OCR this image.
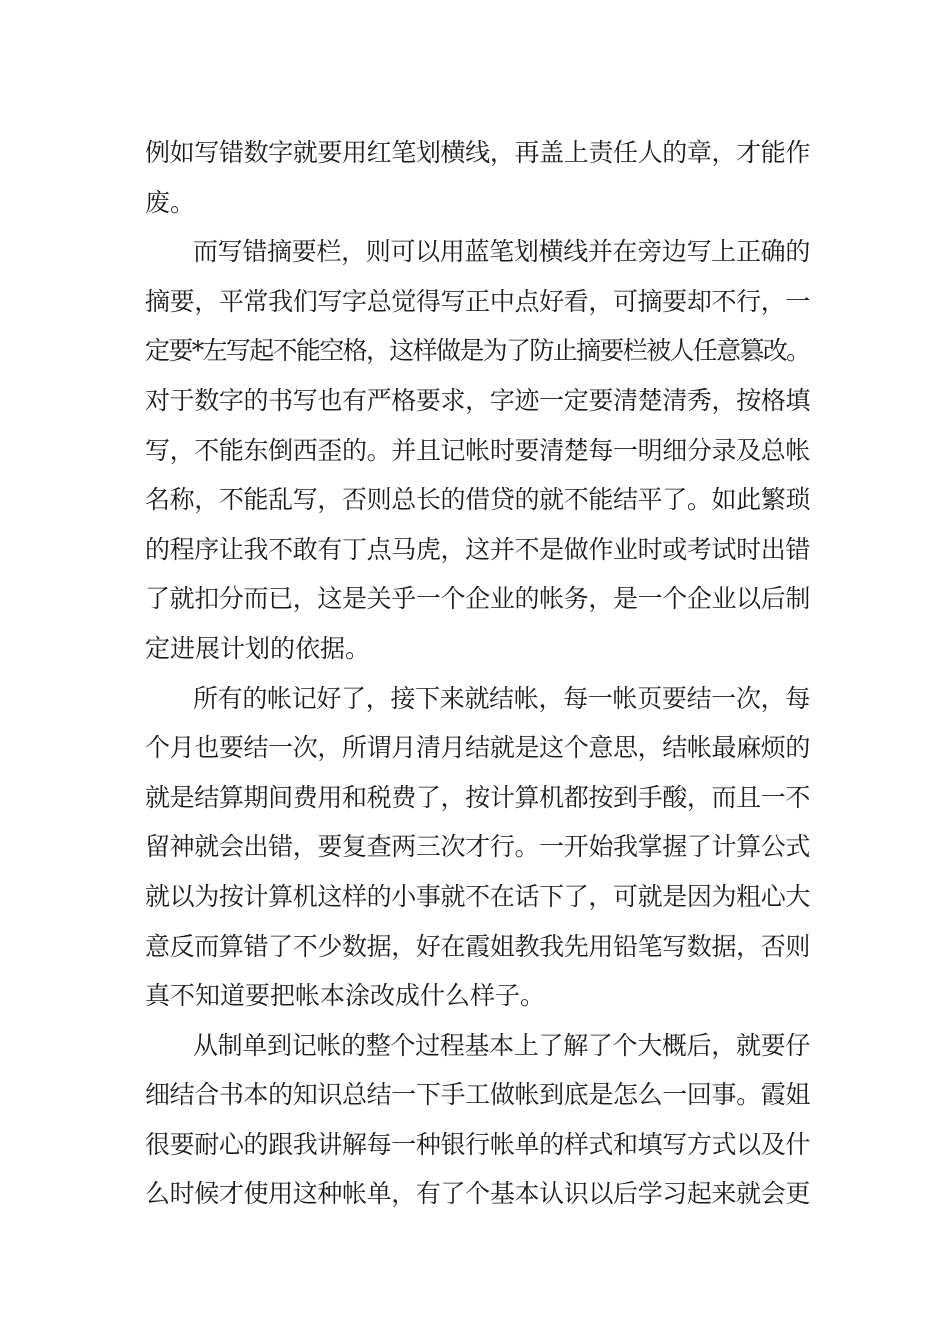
例如写错数字就要用红笔划横线，再盖上责任人的章，才能作
废。
而写错摘要栏，则可以用蓝笔划横线并在旁边写上正确的
摘要，平常我们写字总觉得写正中点好看，可摘要却不行，一
定要*左写起不能空格，这样做是为了防止摘要栏被人任意篡改。
对于数字的书写也有严格要求，字迹一定要清楚清秀，按格填
写，不能东倒西歪的。并且记帐时要清楚每一明细分录及总帐
名称，不能乱写，否则总长的借贷的就不能结平了。如此繁琐
的程序让我不敢有丁点马虎，这并不是做作业时或考试时出错
了就扣分而已，这是关乎一个企业的帐务，是一个企业以后制
定进展计划的依据。
所有的帐记好了，接下来就结帐，每一帐页要结一次，每
个月也要结一次，所谓月清月结就是这个意思，结帐最麻烦的
就是结算期间费用和税费了，按计算机都按到手酸，而且一不
留神就会出错，要复查两三次才行。一开始我掌握了计算公式
就以为按计算机这样的小事就不在话下了，可就是因为粗心大
意反而算错了不少数据，好在霞姐教我先用铅笔写数据，否则
真不知道要把帐本涂改成什么样子。
从制单到记帐的整个过程基本上了解了个大概后，就要仔
细结合书本的知识总结一下手工做帐到底是怎么一回事。霞姐
很要耐心的跟我讲解每一种银行帐单的样式和填写方式以及什
么时候才使用这种帐单，有了个基本认识以后学习起来就会更
